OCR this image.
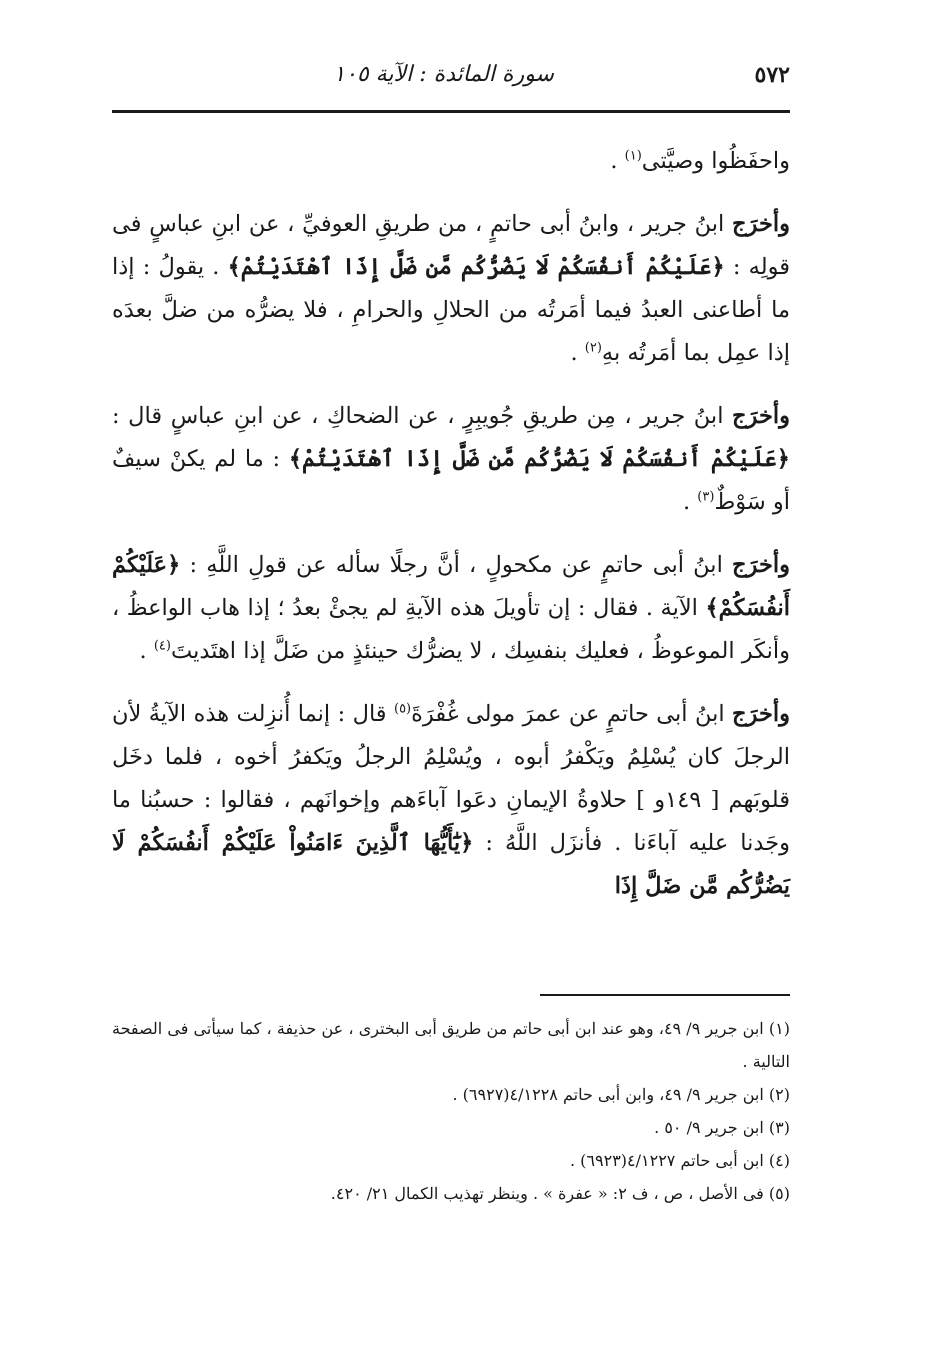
٥٧٢
سورة المائدة : الآية ١٠٥

واحفَظُوا وصيَّتى$^{(١)}$ .

وأخرَج ابنُ جرير ، وابنُ أبى حاتمٍ ، من طريقِ العوفيِّ ، عن ابنِ عباسٍ فى قولِه : ﴿عَلَيْكُمْ أَنفُسَكُمْ لَا يَضُرُّكُم مَّن ضَلَّ إِذَا ٱهْتَدَيْتُمْ﴾ . يقولُ : إذا ما أطاعنى العبدُ فيما أمَرتُه من الحلالِ والحرامِ ، فلا يضرُّه من ضلَّ بعدَه إذا عمِل بما أمَرتُه بهِ$^{(٢)}$ .

وأخرَج ابنُ جرير ، مِن طريقِ جُويبِرٍ ، عن الضحاكِ ، عن ابنِ عباسٍ قال : ﴿عَلَيْكُمْ أَنفُسَكُمْ لَا يَضُرُّكُم مَّن ضَلَّ إِذَا ٱهْتَدَيْتُمْ﴾ : ما لم يكنْ سيفٌ أو سَوْطٌ$^{(٣)}$ .

وأخرَج ابنُ أبى حاتمٍ عن مكحولٍ ، أنَّ رجلًا سأله عن قولِ اللَّهِ : ﴿عَلَيْكُمْ أَنفُسَكُمْ﴾ الآية . فقال : إن تأويلَ هذه الآيةِ لم يجئْ بعدُ ؛ إذا هاب الواعظُ ، وأنكَر الموعوظُ ، فعليك بنفسِك ، لا يضرُّك حينئذٍ من ضَلَّ إذا اهتَديتَ$^{(٤)}$ .

وأخرَج ابنُ أبى حاتمٍ عن عمرَ مولى غُفْرَةَ$^{(٥)}$ قال : إنما أُنزِلت هذه الآيةُ لأن الرجلَ كان يُسْلِمُ ويَكْفرُ أبوه ، ويُسْلِمُ الرجلُ ويَكفرُ أخوه ، فلما دخَل قلوبَهم [ ١٤٩و ] حلاوةُ الإيمانِ دعَوا آباءَهم وإخوانَهم ، فقالوا : حسبُنا ما وجَدنا عليه آباءَنا . فأنزَل اللَّهُ : ﴿يَٰٓأَيُّهَا ٱلَّذِينَ ءَامَنُواْ عَلَيْكُمْ أَنفُسَكُمْ لَا يَضُرُّكُم مَّن ضَلَّ إِذَا

(١) ابن جرير ٩/ ٤٩، وهو عند ابن أبى حاتم من طريق أبى البخترى ، عن حذيفة ، كما سيأتى فى الصفحة التالية .

(٢) ابن جرير ٩/ ٤٩، وابن أبى حاتم ٤/١٢٢٨(٦٩٢٧) .

(٣) ابن جرير ٩/ ٥٠ .

(٤) ابن أبى حاتم ٤/١٢٢٧(٦٩٢٣) .

(٥) فى الأصل ، ص ، ف ٢: « عفرة » . وينظر تهذيب الكمال ٢١/ ٤٢٠.
